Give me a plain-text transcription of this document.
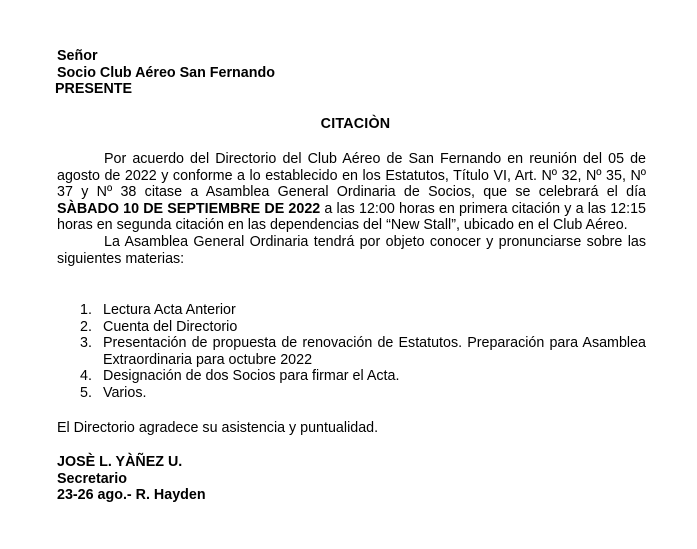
Señor
Socio Club Aéreo San Fernando
PRESENTE
CITACIÒN

Por acuerdo del Directorio del Club Aéreo de San Fernando en reunión del 05 de agosto de 2022 y conforme a lo establecido en los Estatutos, Título VI, Art. Nº 32, Nº 35, Nº 37 y Nº 38 citase a Asamblea General Ordinaria de Socios, que se celebrará el día SÀBADO 10 DE SEPTIEMBRE DE 2022 a las 12:00 horas en primera citación y a las 12:15 horas en segunda citación en las dependencias del “New Stall”, ubicado en el Club Aéreo.

La Asamblea General Ordinaria tendrá por objeto conocer y pronunciarse sobre las siguientes materias:

1. Lectura Acta Anterior
2. Cuenta del Directorio
3. Presentación de propuesta de renovación de Estatutos. Preparación para Asamblea Extraordinaria para octubre 2022
4. Designación de dos Socios para firmar el Acta.
5. Varios.
El Directorio agradece su asistencia y puntualidad.
JOSÈ L. YÀÑEZ U.
Secretario
23-26 ago.- R. Hayden
